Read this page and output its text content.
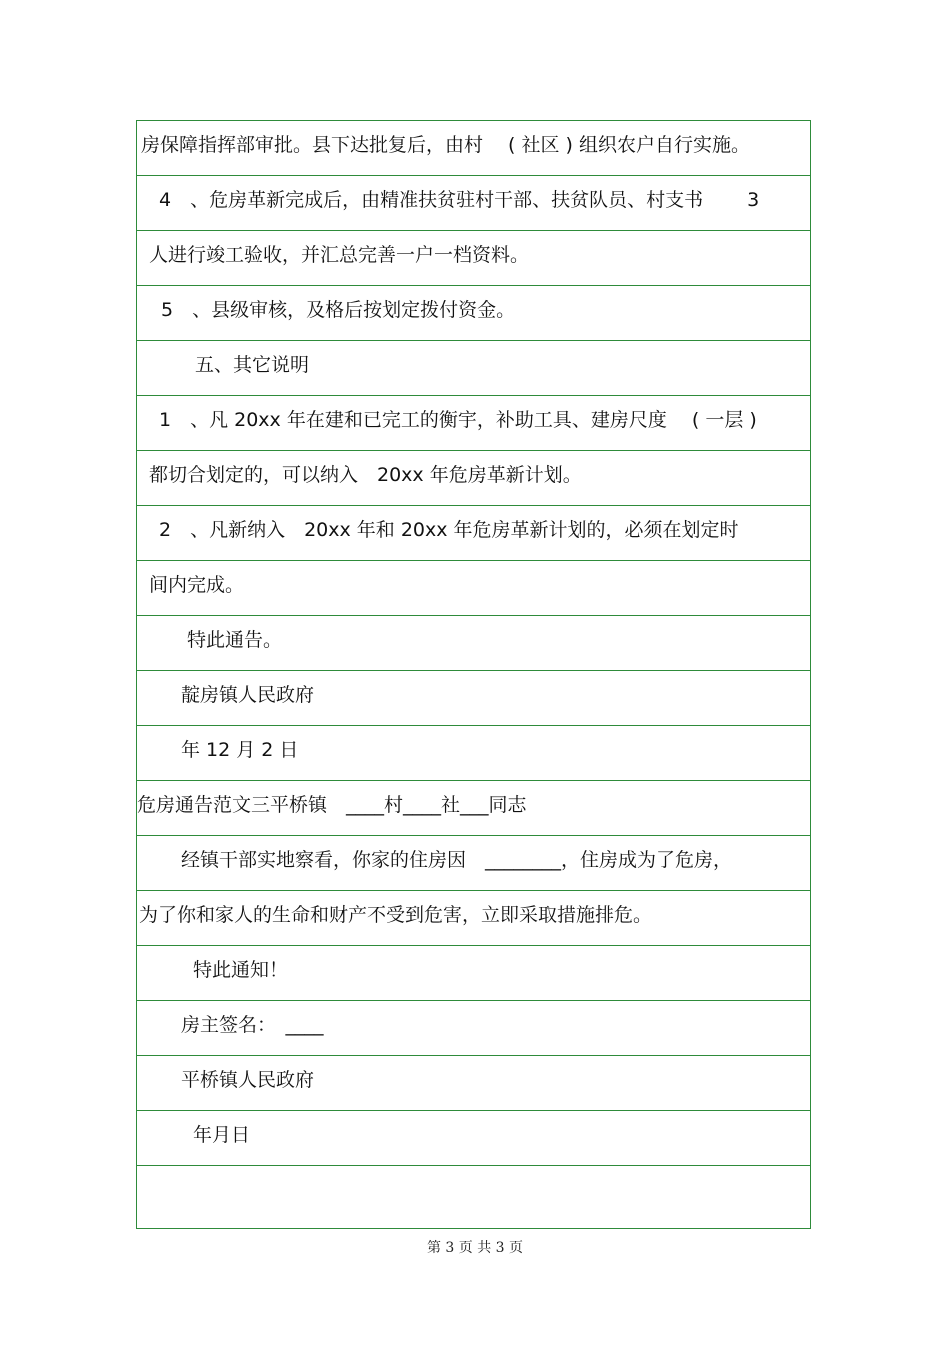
房保障指挥部审批。县下达批复后，由村　 ( 社区 ) 组织农户自行实施。
4　、危房革新完成后，由精准扶贫驻村干部、扶贫队员、村支书　　 3
人进行竣工验收，并汇总完善一户一档资料。
5　、县级审核，及格后按划定拨付资金。
五、其它说明
1　、凡 20xx 年在建和已完工的衡宇，补助工具、建房尺度　 ( 一层 )
都切合划定的，可以纳入　20xx 年危房革新计划。
2　、凡新纳入　20xx 年和 20xx 年危房革新计划的，必须在划定时
间内完成。
特此通告。
靛房镇人民政府
年 12 月 2 日
危房通告范文三平桥镇　____村____社___同志
经镇干部实地察看，你家的住房因　________，住房成为了危房，
为了你和家人的生命和财产不受到危害，立即采取措施排危。
特此通知！
房主签名：　____
平桥镇人民政府
年月日
第 3 页 共 3 页
